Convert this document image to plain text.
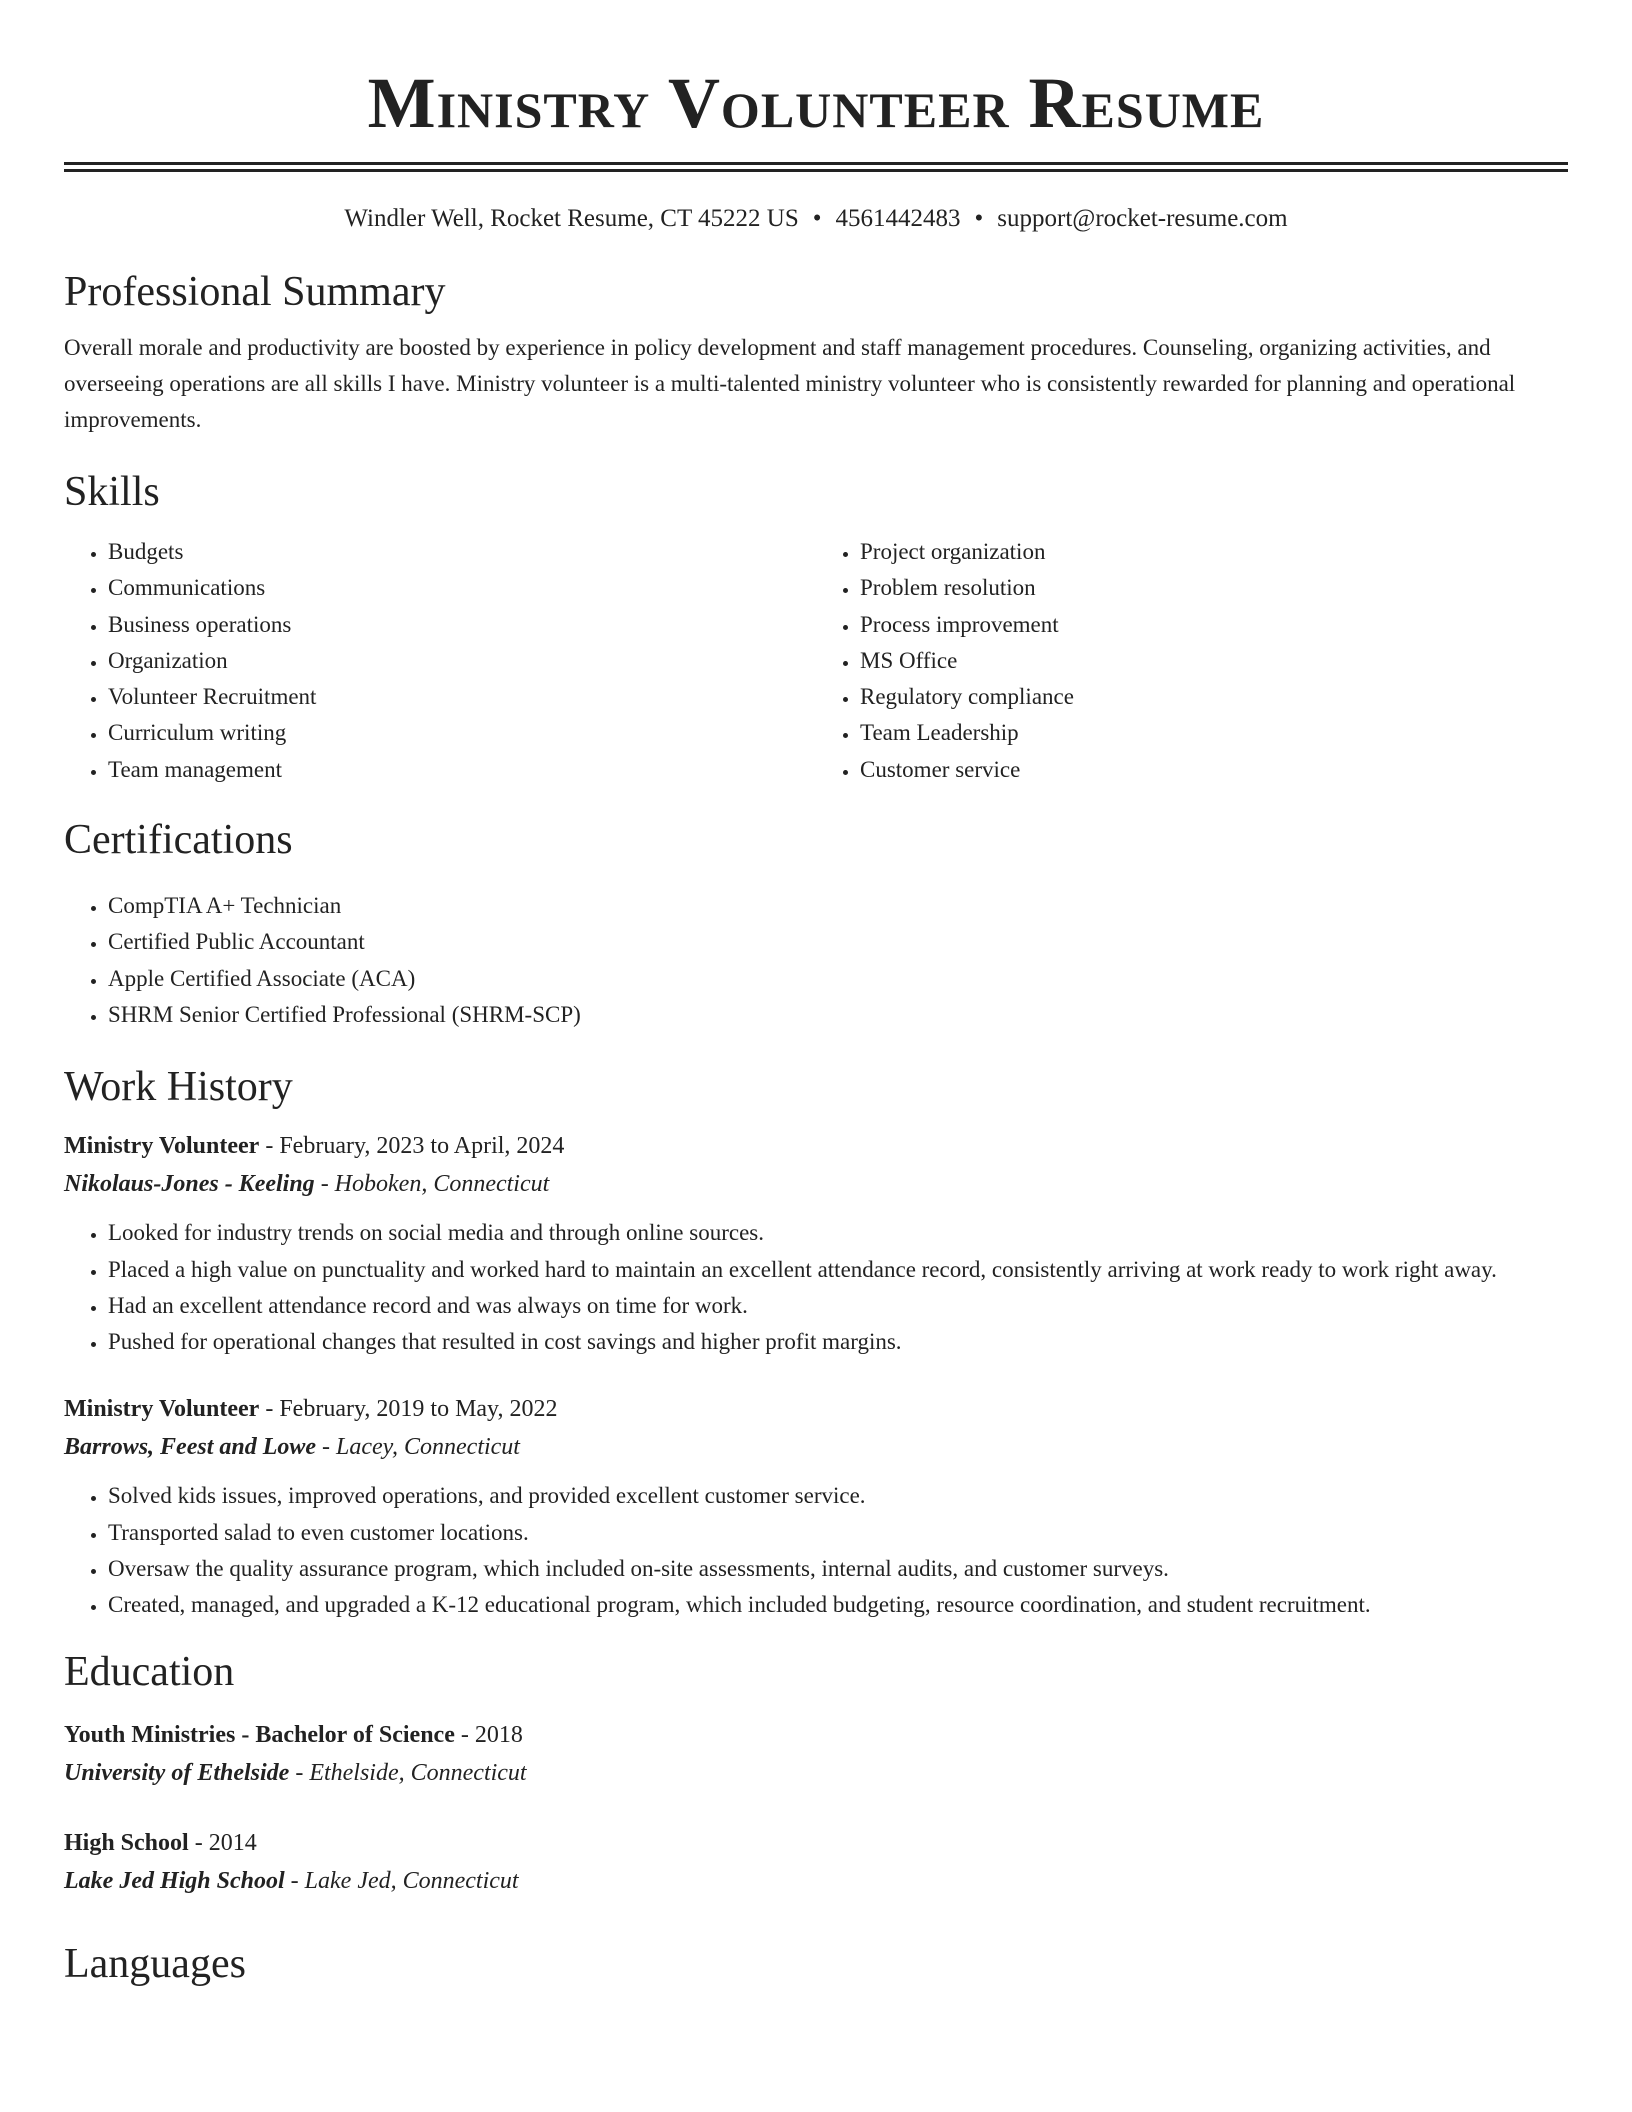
Ministry Volunteer Resume
Windler Well, Rocket Resume, CT 45222 US • 4561442483 • support@rocket-resume.com
Professional Summary

Overall morale and productivity are boosted by experience in policy development and staff management procedures. Counseling, organizing activities, and overseeing operations are all skills I have. Ministry volunteer is a multi-talented ministry volunteer who is consistently rewarded for planning and operational improvements.

Skills
• Budgets
• Communications
• Business operations
• Organization
• Volunteer Recruitment
• Curriculum writing
• Team management
• Project organization
• Problem resolution
• Process improvement
• MS Office
• Regulatory compliance
• Team Leadership
• Customer service
Certifications
• CompTIA A+ Technician
• Certified Public Accountant
• Apple Certified Associate (ACA)
• SHRM Senior Certified Professional (SHRM-SCP)
Work History
Ministry Volunteer - February, 2023 to April, 2024
Nikolaus-Jones - Keeling - Hoboken, Connecticut
• Looked for industry trends on social media and through online sources.
• Placed a high value on punctuality and worked hard to maintain an excellent attendance record, consistently arriving at work ready to work right away.
• Had an excellent attendance record and was always on time for work.
• Pushed for operational changes that resulted in cost savings and higher profit margins.
Ministry Volunteer - February, 2019 to May, 2022
Barrows, Feest and Lowe - Lacey, Connecticut
• Solved kids issues, improved operations, and provided excellent customer service.
• Transported salad to even customer locations.
• Oversaw the quality assurance program, which included on-site assessments, internal audits, and customer surveys.
• Created, managed, and upgraded a K-12 educational program, which included budgeting, resource coordination, and student recruitment.
Education
Youth Ministries - Bachelor of Science - 2018
University of Ethelside - Ethelside, Connecticut
High School - 2014
Lake Jed High School - Lake Jed, Connecticut
Languages
